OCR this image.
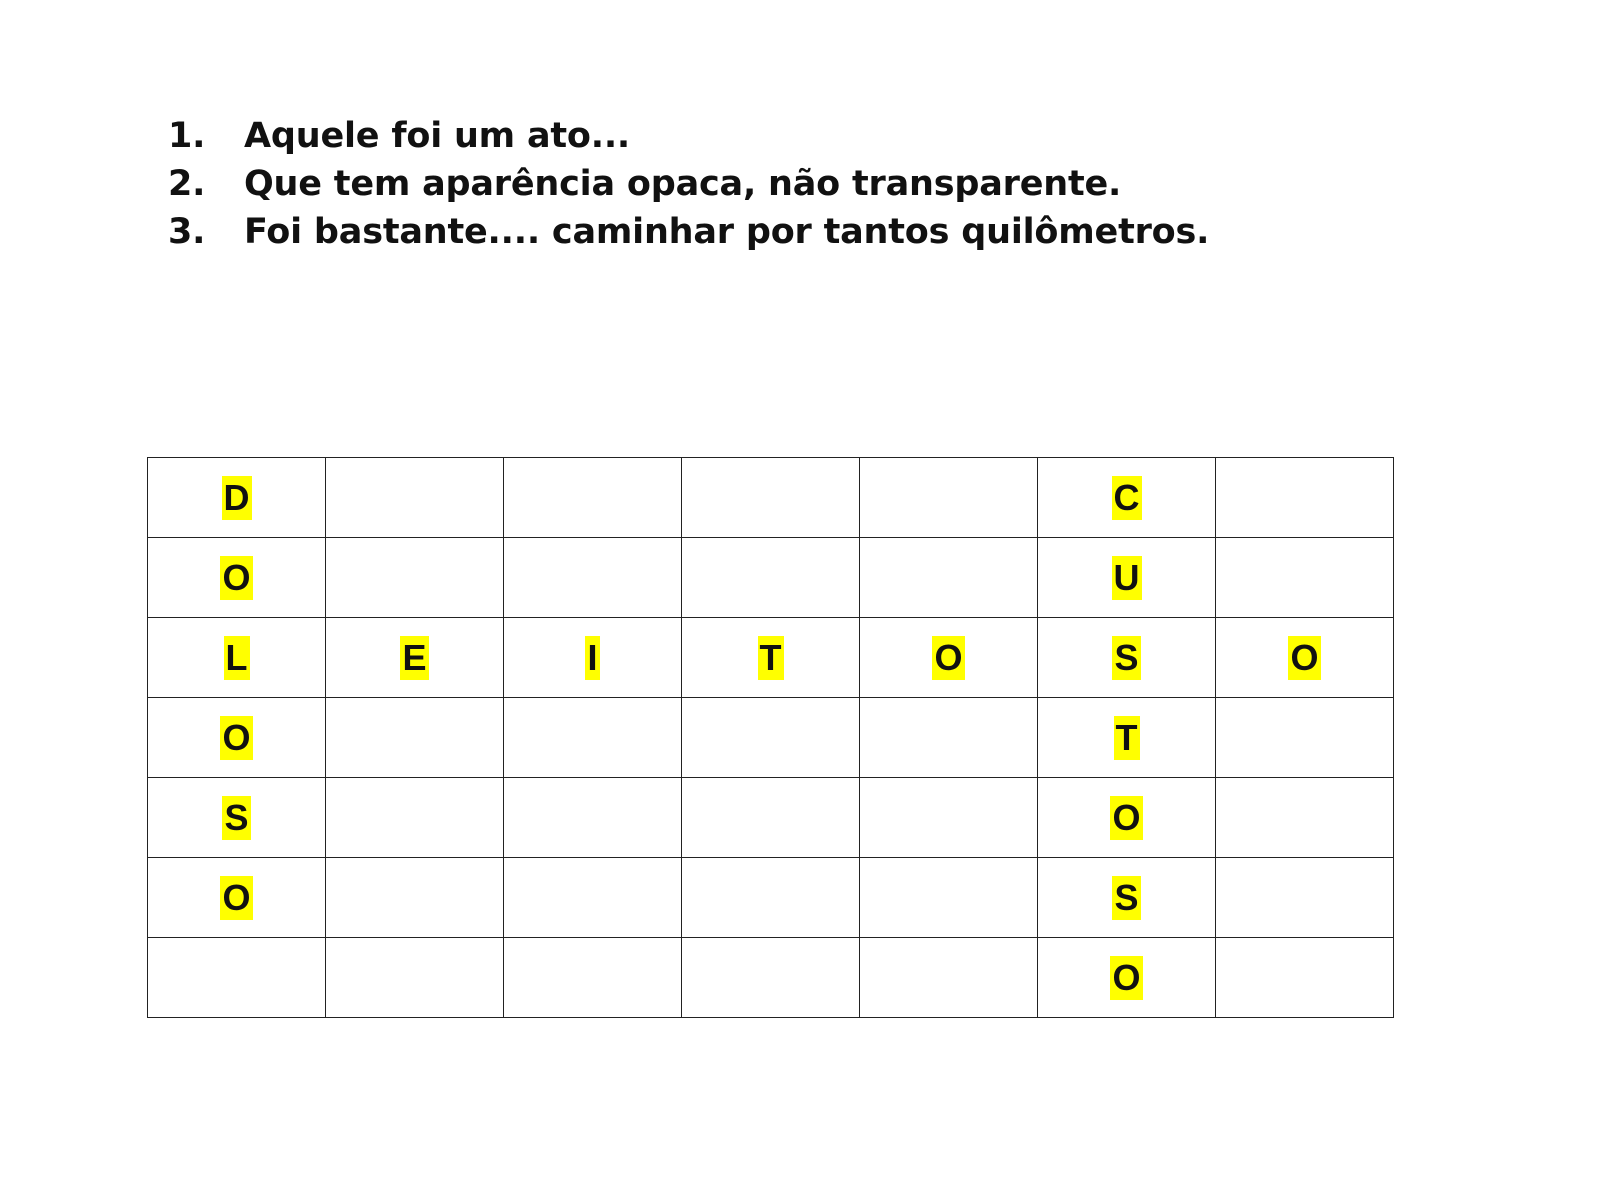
1.	Aquele foi um ato...
2.	Que tem aparência opaca, não transparente.
3.	Foi bastante.... caminhar por tantos quilômetros.
D					C	
O					U	
L	E	I	T	O	S	O
O					T	
S					O	
O					S	
					O	
